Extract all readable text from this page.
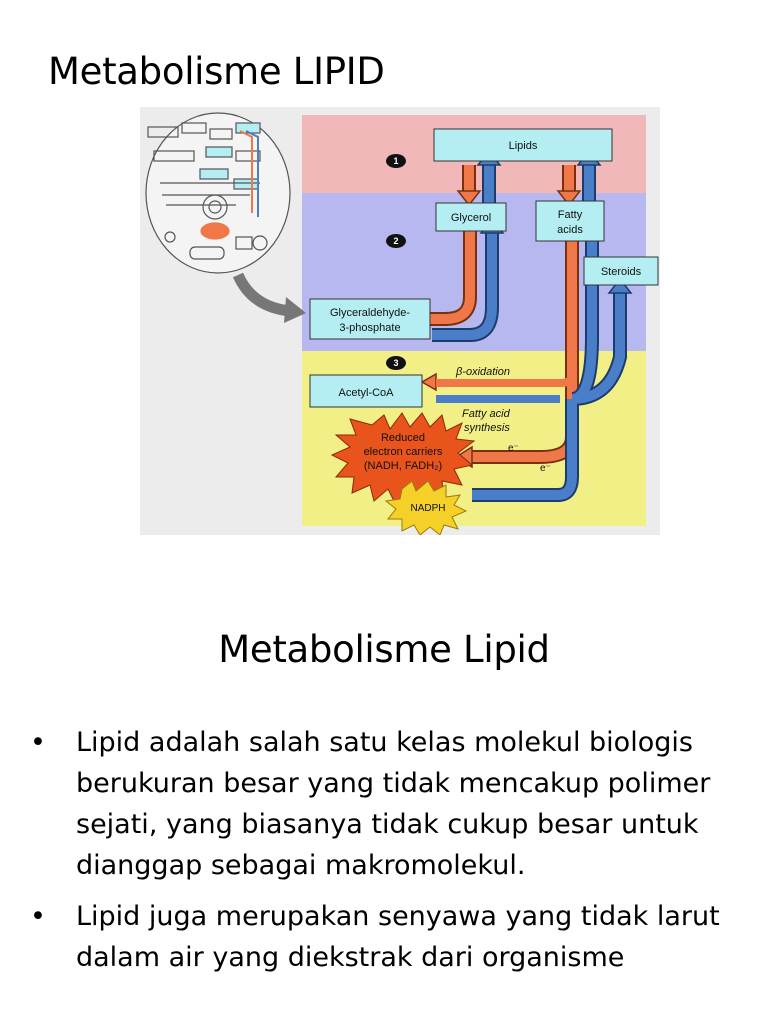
Metabolisme LIPID
1
2
3
Lipids
Glycerol	Fatty
acids
Steroids
Glyceraldehyde-
3-phosphate
Acetyl-CoA
Reduced
electron carriers
(NADH, FADH₂)
NADPH
β-oxidation
Fatty acid
synthesis
e⁻
e⁻
Metabolisme Lipid
• Lipid adalah salah satu kelas molekul biologis berukuran besar yang tidak mencakup polimer sejati, yang biasanya tidak cukup besar untuk dianggap sebagai makromolekul.
• Lipid juga merupakan senyawa yang tidak larut dalam air yang diekstrak dari organisme
